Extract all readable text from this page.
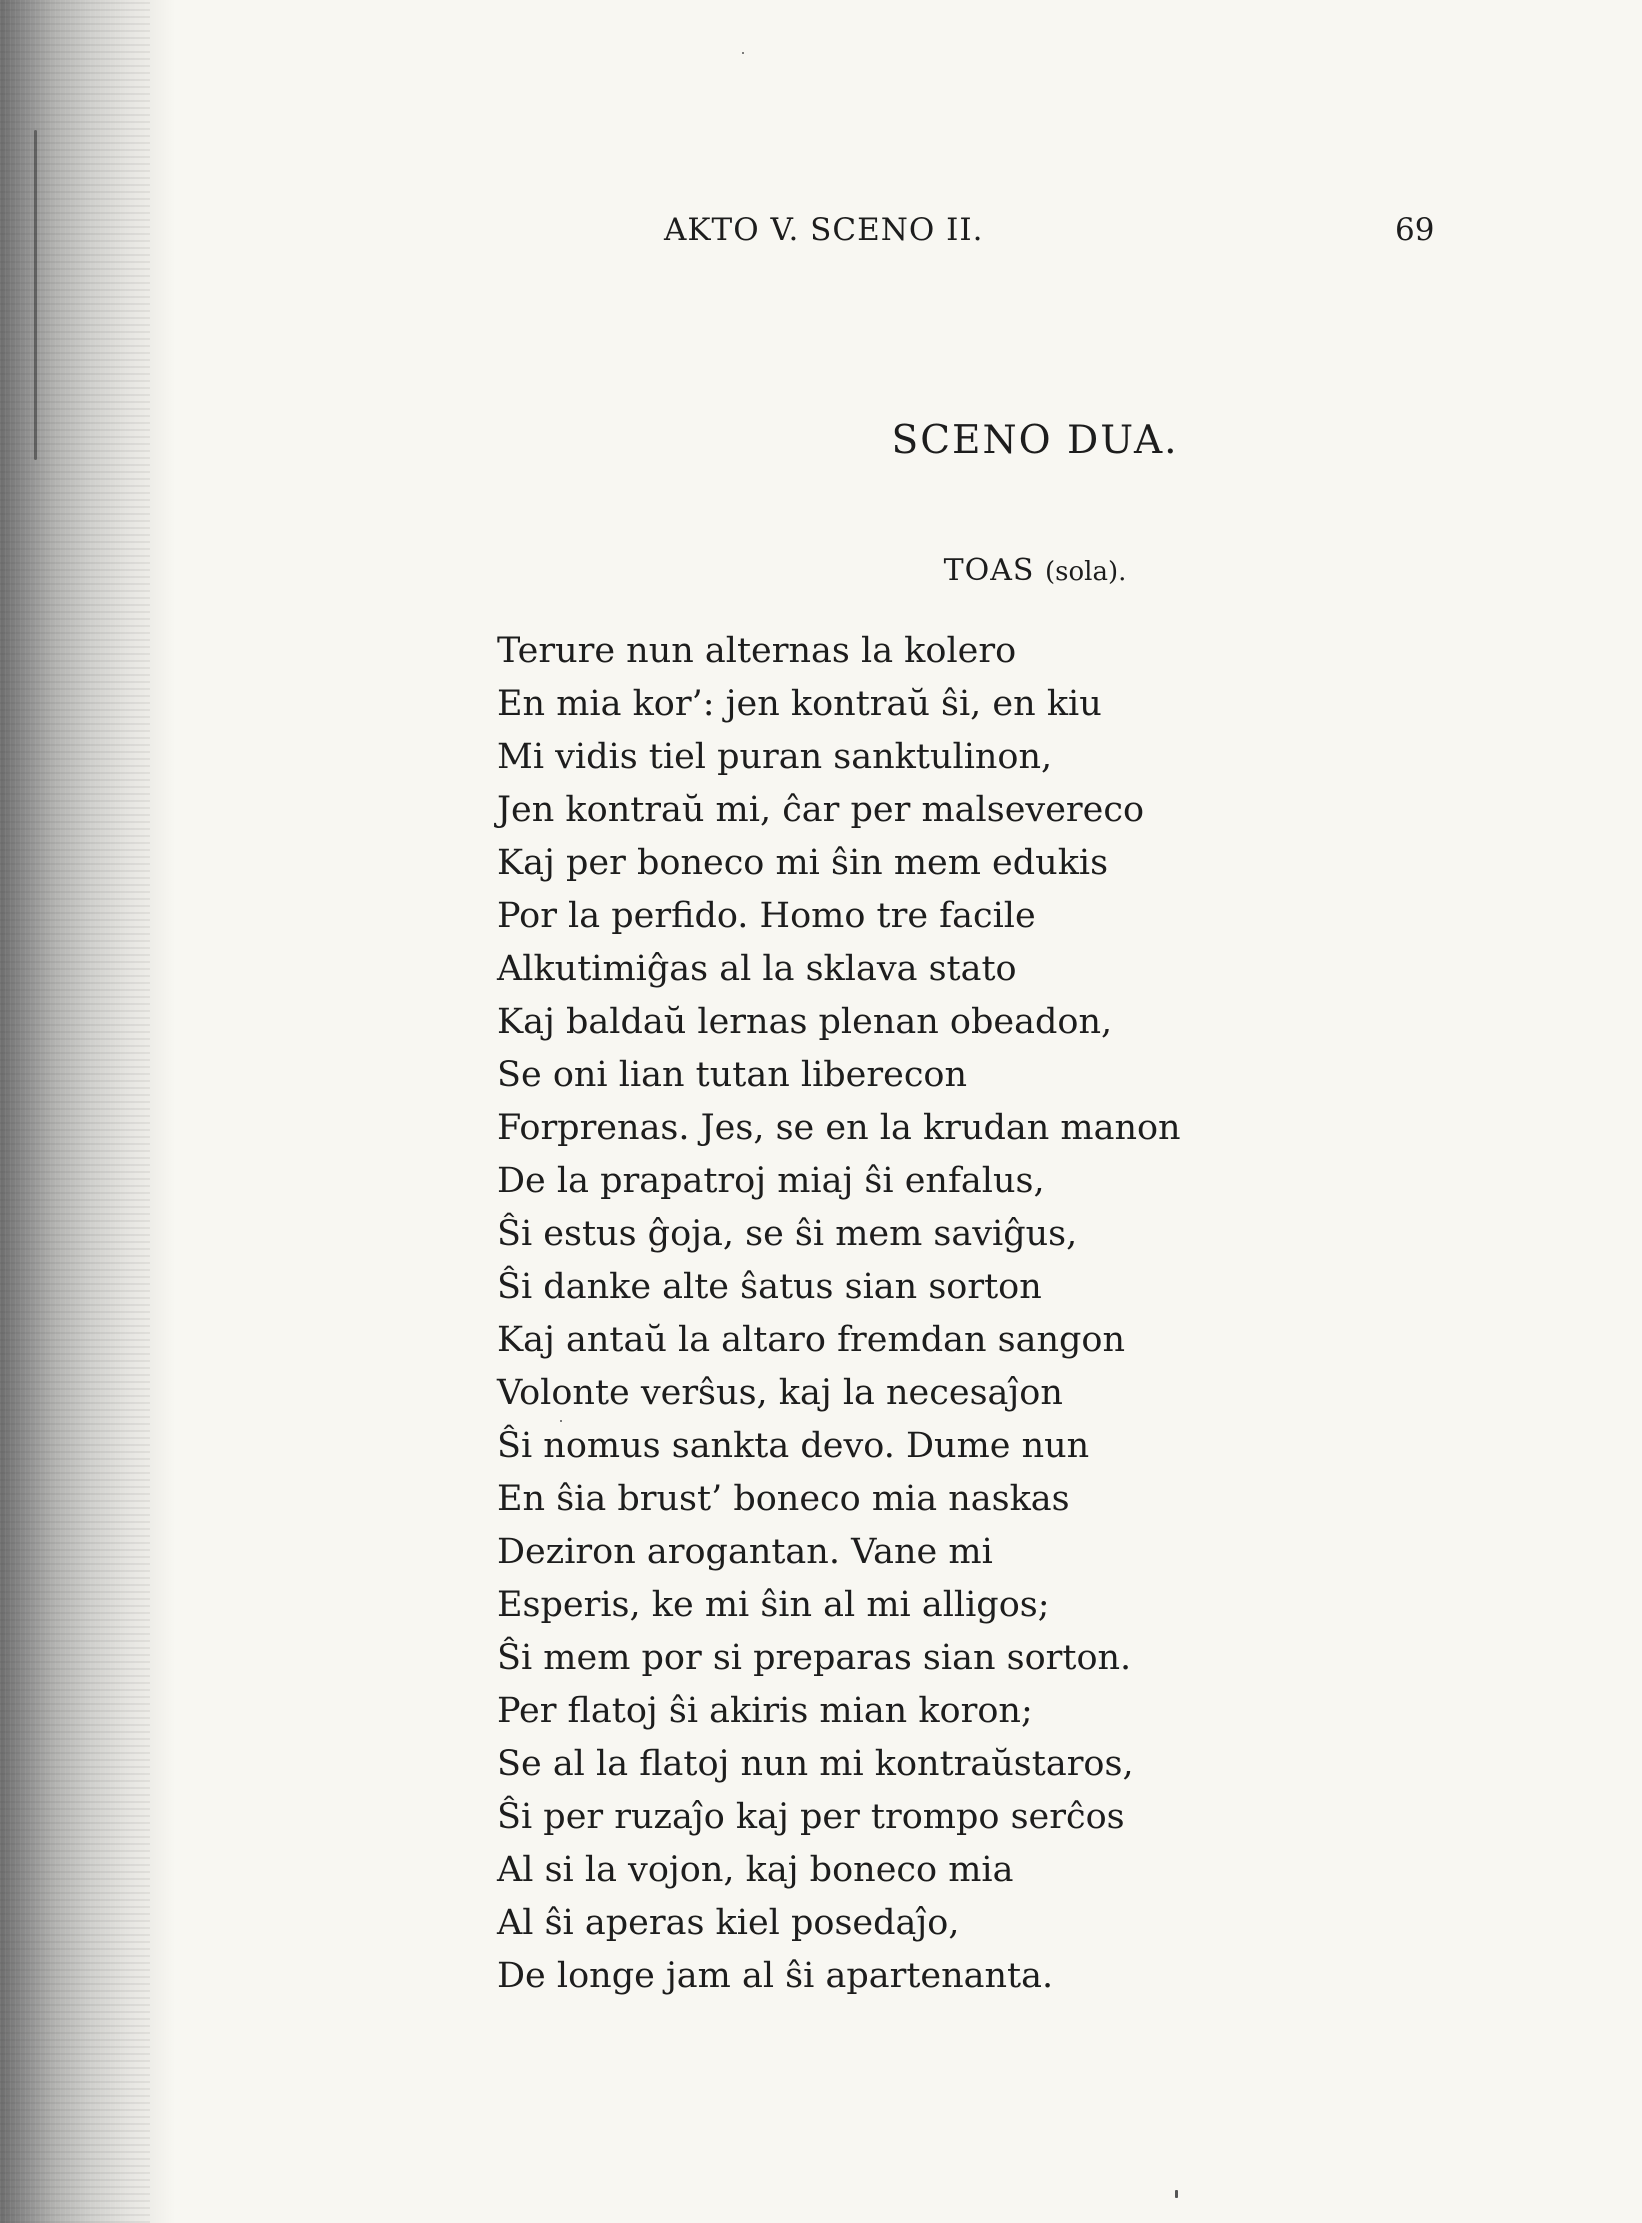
AKTO V. SCENO II.	69
SCENO DUA.
TOAS (sola).
Terure nun alternas la kolero
En mia kor’: jen kontraŭ ŝi, en kiu
Mi vidis tiel puran sanktulinon,
Jen kontraŭ mi, ĉar per malsevereco
Kaj per boneco mi ŝin mem edukis
Por la perfido. Homo tre facile
Alkutimiĝas al la sklava stato
Kaj baldaŭ lernas plenan obeadon,
Se oni lian tutan liberecon
Forprenas. Jes, se en la krudan manon
De la prapatroj miaj ŝi enfalus,
Ŝi estus ĝoja, se ŝi mem saviĝus,
Ŝi danke alte ŝatus sian sorton
Kaj antaŭ la altaro fremdan sangon
Volonte verŝus, kaj la necesaĵon
Ŝi nomus sankta devo. Dume nun
En ŝia brust’ boneco mia naskas
Deziron arogantan. Vane mi
Esperis, ke mi ŝin al mi alligos;
Ŝi mem por si preparas sian sorton.
Per flatoj ŝi akiris mian koron;
Se al la flatoj nun mi kontraŭstaros,
Ŝi per ruzaĵo kaj per trompo serĉos
Al si la vojon, kaj boneco mia
Al ŝi aperas kiel posedaĵo,
De longe jam al ŝi apartenanta.
